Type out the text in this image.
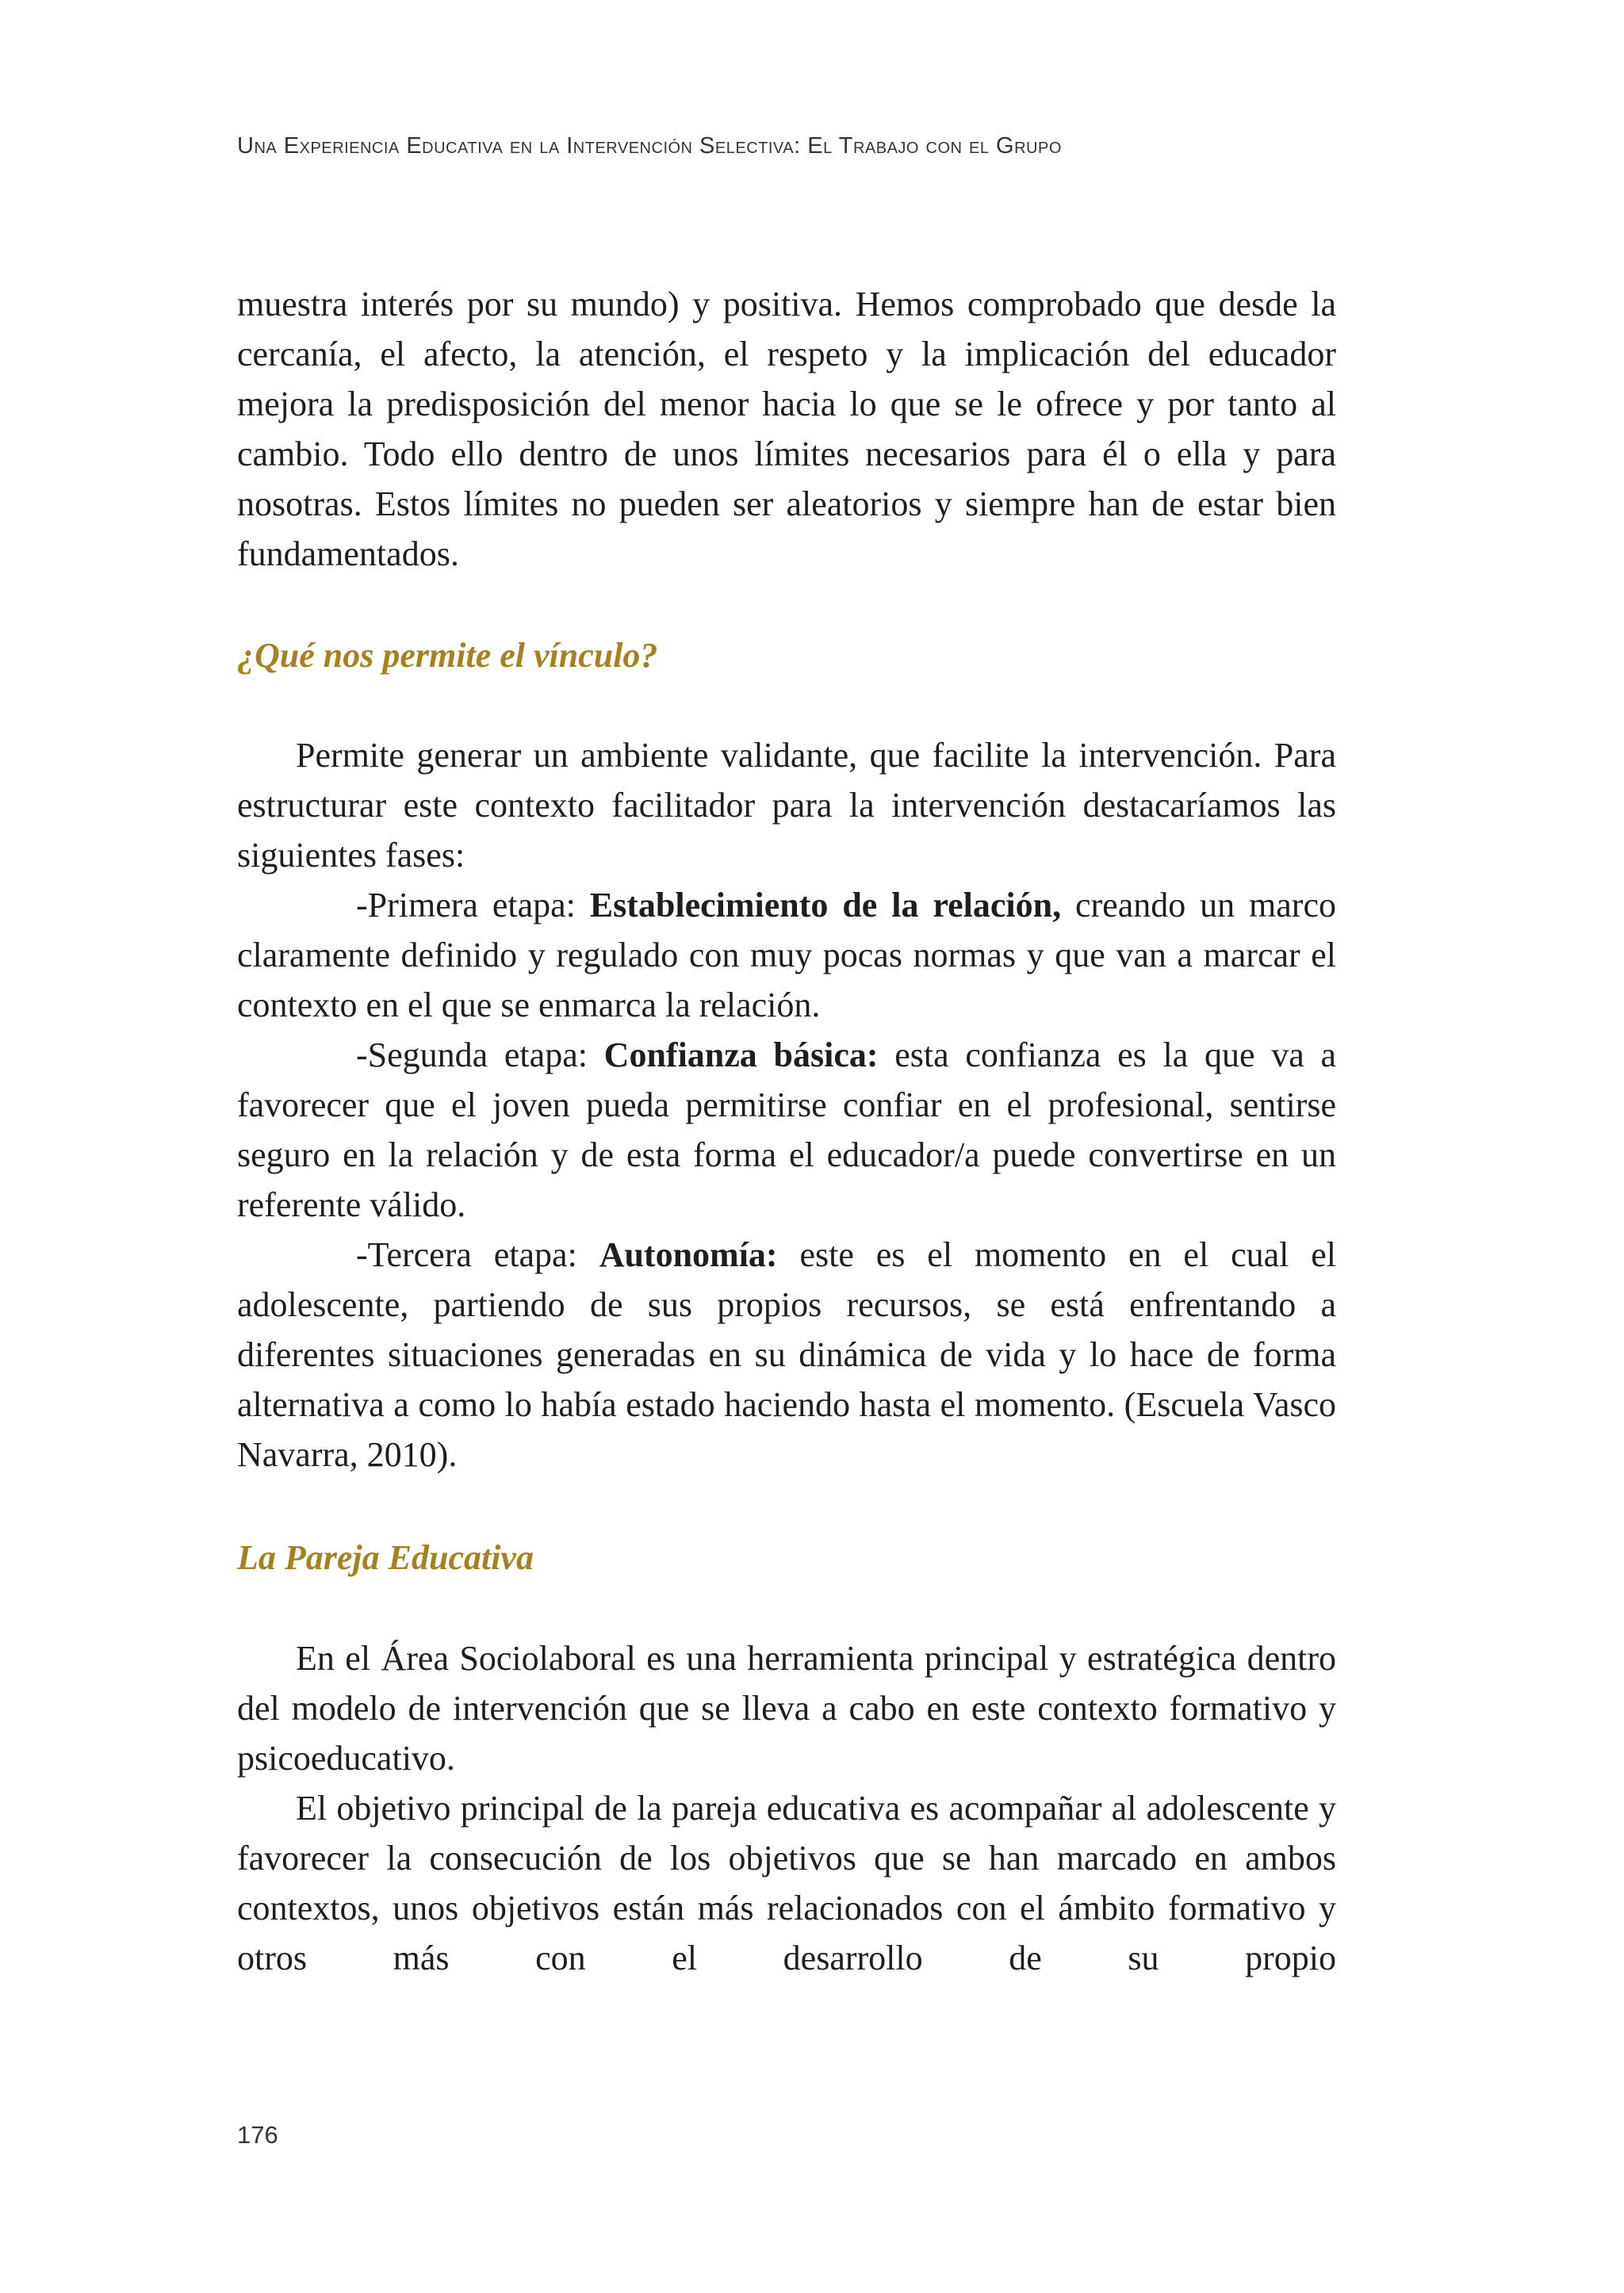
Una Experiencia Educativa en la Intervención Selectiva: El Trabajo con el Grupo

muestra interés por su mundo) y positiva. Hemos comprobado que desde la cercanía, el afecto, la atención, el respeto y la implicación del educador mejora la predisposición del menor hacia lo que se le ofrece y por tanto al cambio. Todo ello dentro de unos límites necesarios para él o ella y para nosotras. Estos límites no pueden ser aleatorios y siempre han de estar bien fundamentados.

¿Qué nos permite el vínculo?

Permite generar un ambiente validante, que facilite la intervención. Para estructurar este contexto facilitador para la intervención destacaríamos las siguientes fases:

-Primera etapa: Establecimiento de la relación, creando un marco claramente definido y regulado con muy pocas normas y que van a marcar el contexto en el que se enmarca la relación.

-Segunda etapa: Confianza básica: esta confianza es la que va a favorecer que el joven pueda permitirse confiar en el profesional, sentirse seguro en la relación y de esta forma el educador/a puede convertirse en un referente válido.

-Tercera etapa: Autonomía: este es el momento en el cual el adolescente, partiendo de sus propios recursos, se está enfrentando a diferentes situaciones generadas en su dinámica de vida y lo hace de forma alternativa a como lo había estado haciendo hasta el momento. (Escuela Vasco Navarra, 2010).

La Pareja Educativa

En el Área Sociolaboral es una herramienta principal y estratégica dentro del modelo de intervención que se lleva a cabo en este contexto formativo y psicoeducativo.

El objetivo principal de la pareja educativa es acompañar al adolescente y favorecer la consecución de los objetivos que se han marcado en ambos contextos, unos objetivos están más relacionados con el ámbito formativo y otros más con el desarrollo de su propio

176
